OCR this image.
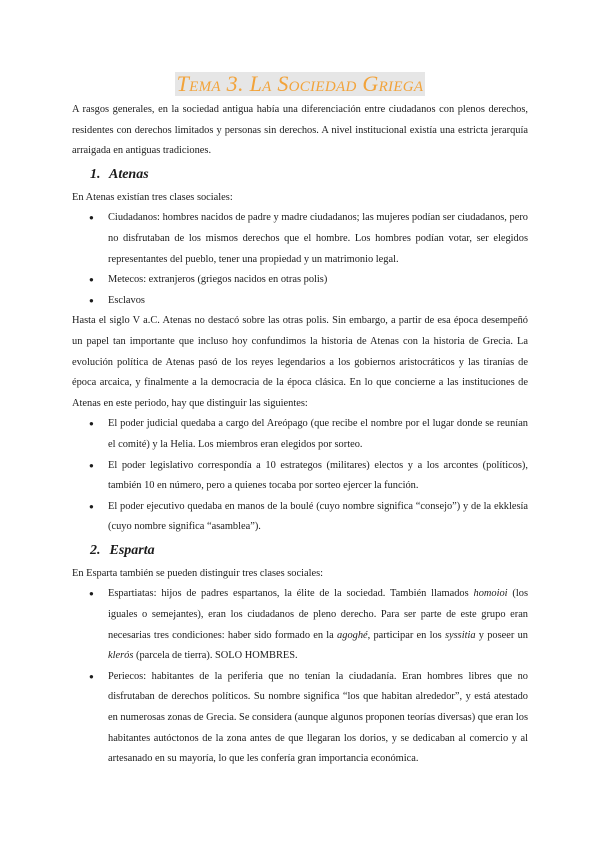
Tema 3. La Sociedad Griega

A rasgos generales, en la sociedad antigua había una diferenciación entre ciudadanos con plenos derechos, residentes con derechos limitados y personas sin derechos. A nivel institucional existía una estricta jerarquía arraigada en antiguas tradiciones.

1. Atenas

En Atenas existían tres clases sociales:

● Ciudadanos: hombres nacidos de padre y madre ciudadanos; las mujeres podían ser ciudadanos, pero no disfrutaban de los mismos derechos que el hombre. Los hombres podían votar, ser elegidos representantes del pueblo, tener una propiedad y un matrimonio legal.
● Metecos: extranjeros (griegos nacidos en otras polis)
● Esclavos

Hasta el siglo V a.C. Atenas no destacó sobre las otras polis. Sin embargo, a partir de esa época desempeñó un papel tan importante que incluso hoy confundimos la historia de Atenas con la historia de Grecia. La evolución política de Atenas pasó de los reyes legendarios a los gobiernos aristocráticos y las tiranías de época arcaica, y finalmente a la democracia de la época clásica. En lo que concierne a las instituciones de Atenas en este periodo, hay que distinguir las siguientes:

● El poder judicial quedaba a cargo del Areópago (que recibe el nombre por el lugar donde se reunían el comité) y la Helia. Los miembros eran elegidos por sorteo.
● El poder legislativo correspondía a 10 estrategos (militares) electos y a los arcontes (políticos), también 10 en número, pero a quienes tocaba por sorteo ejercer la función.
● El poder ejecutivo quedaba en manos de la boulé (cuyo nombre significa “consejo”) y de la ekklesía (cuyo nombre significa “asamblea”).
2. Esparta

En Esparta también se pueden distinguir tres clases sociales:

● Espartiatas: hijos de padres espartanos, la élite de la sociedad. También llamados homoioi (los iguales o semejantes), eran los ciudadanos de pleno derecho. Para ser parte de este grupo eran necesarias tres condiciones: haber sido formado en la agoghé, participar en los syssitia y poseer un klerós (parcela de tierra). SOLO HOMBRES.
● Periecos: habitantes de la periferia que no tenían la ciudadanía. Eran hombres libres que no disfrutaban de derechos políticos. Su nombre significa “los que habitan alrededor”, y está atestado en numerosas zonas de Grecia. Se considera (aunque algunos proponen teorías diversas) que eran los habitantes autóctonos de la zona antes de que llegaran los dorios, y se dedicaban al comercio y al artesanado en su mayoría, lo que les confería gran importancia económica.
